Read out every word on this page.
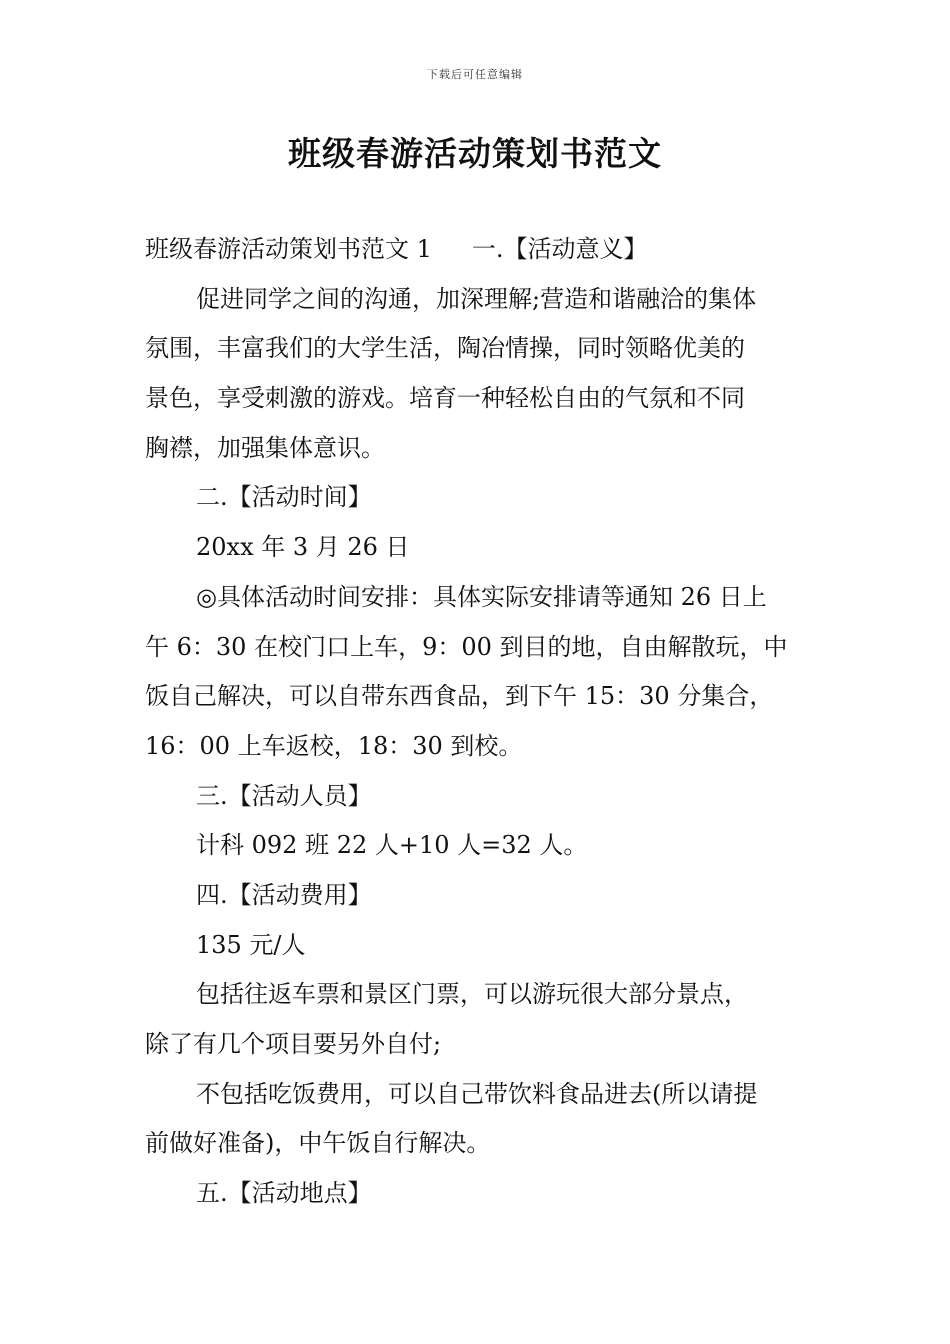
下载后可任意编辑
班级春游活动策划书范文
班级春游活动策划书范文 1 一.【活动意义】
促进同学之间的沟通，加深理解;营造和谐融洽的集体
氛围，丰富我们的大学生活，陶冶情操，同时领略优美的
景色，享受刺激的游戏。培育一种轻松自由的气氛和不同
胸襟，加强集体意识。
二.【活动时间】
20xx 年 3 月 26 日
◎具体活动时间安排：具体实际安排请等通知 26 日上
午 6：30 在校门口上车，9：00 到目的地，自由解散玩，中
饭自己解决，可以自带东西食品，到下午 15：30 分集合，
16：00 上车返校，18：30 到校。
三.【活动人员】
计科 092 班 22 人+10 人=32 人。
四.【活动费用】
135 元/人
包括往返车票和景区门票，可以游玩很大部分景点，
除了有几个项目要另外自付;
不包括吃饭费用，可以自己带饮料食品进去(所以请提
前做好准备)，中午饭自行解决。
五.【活动地点】
